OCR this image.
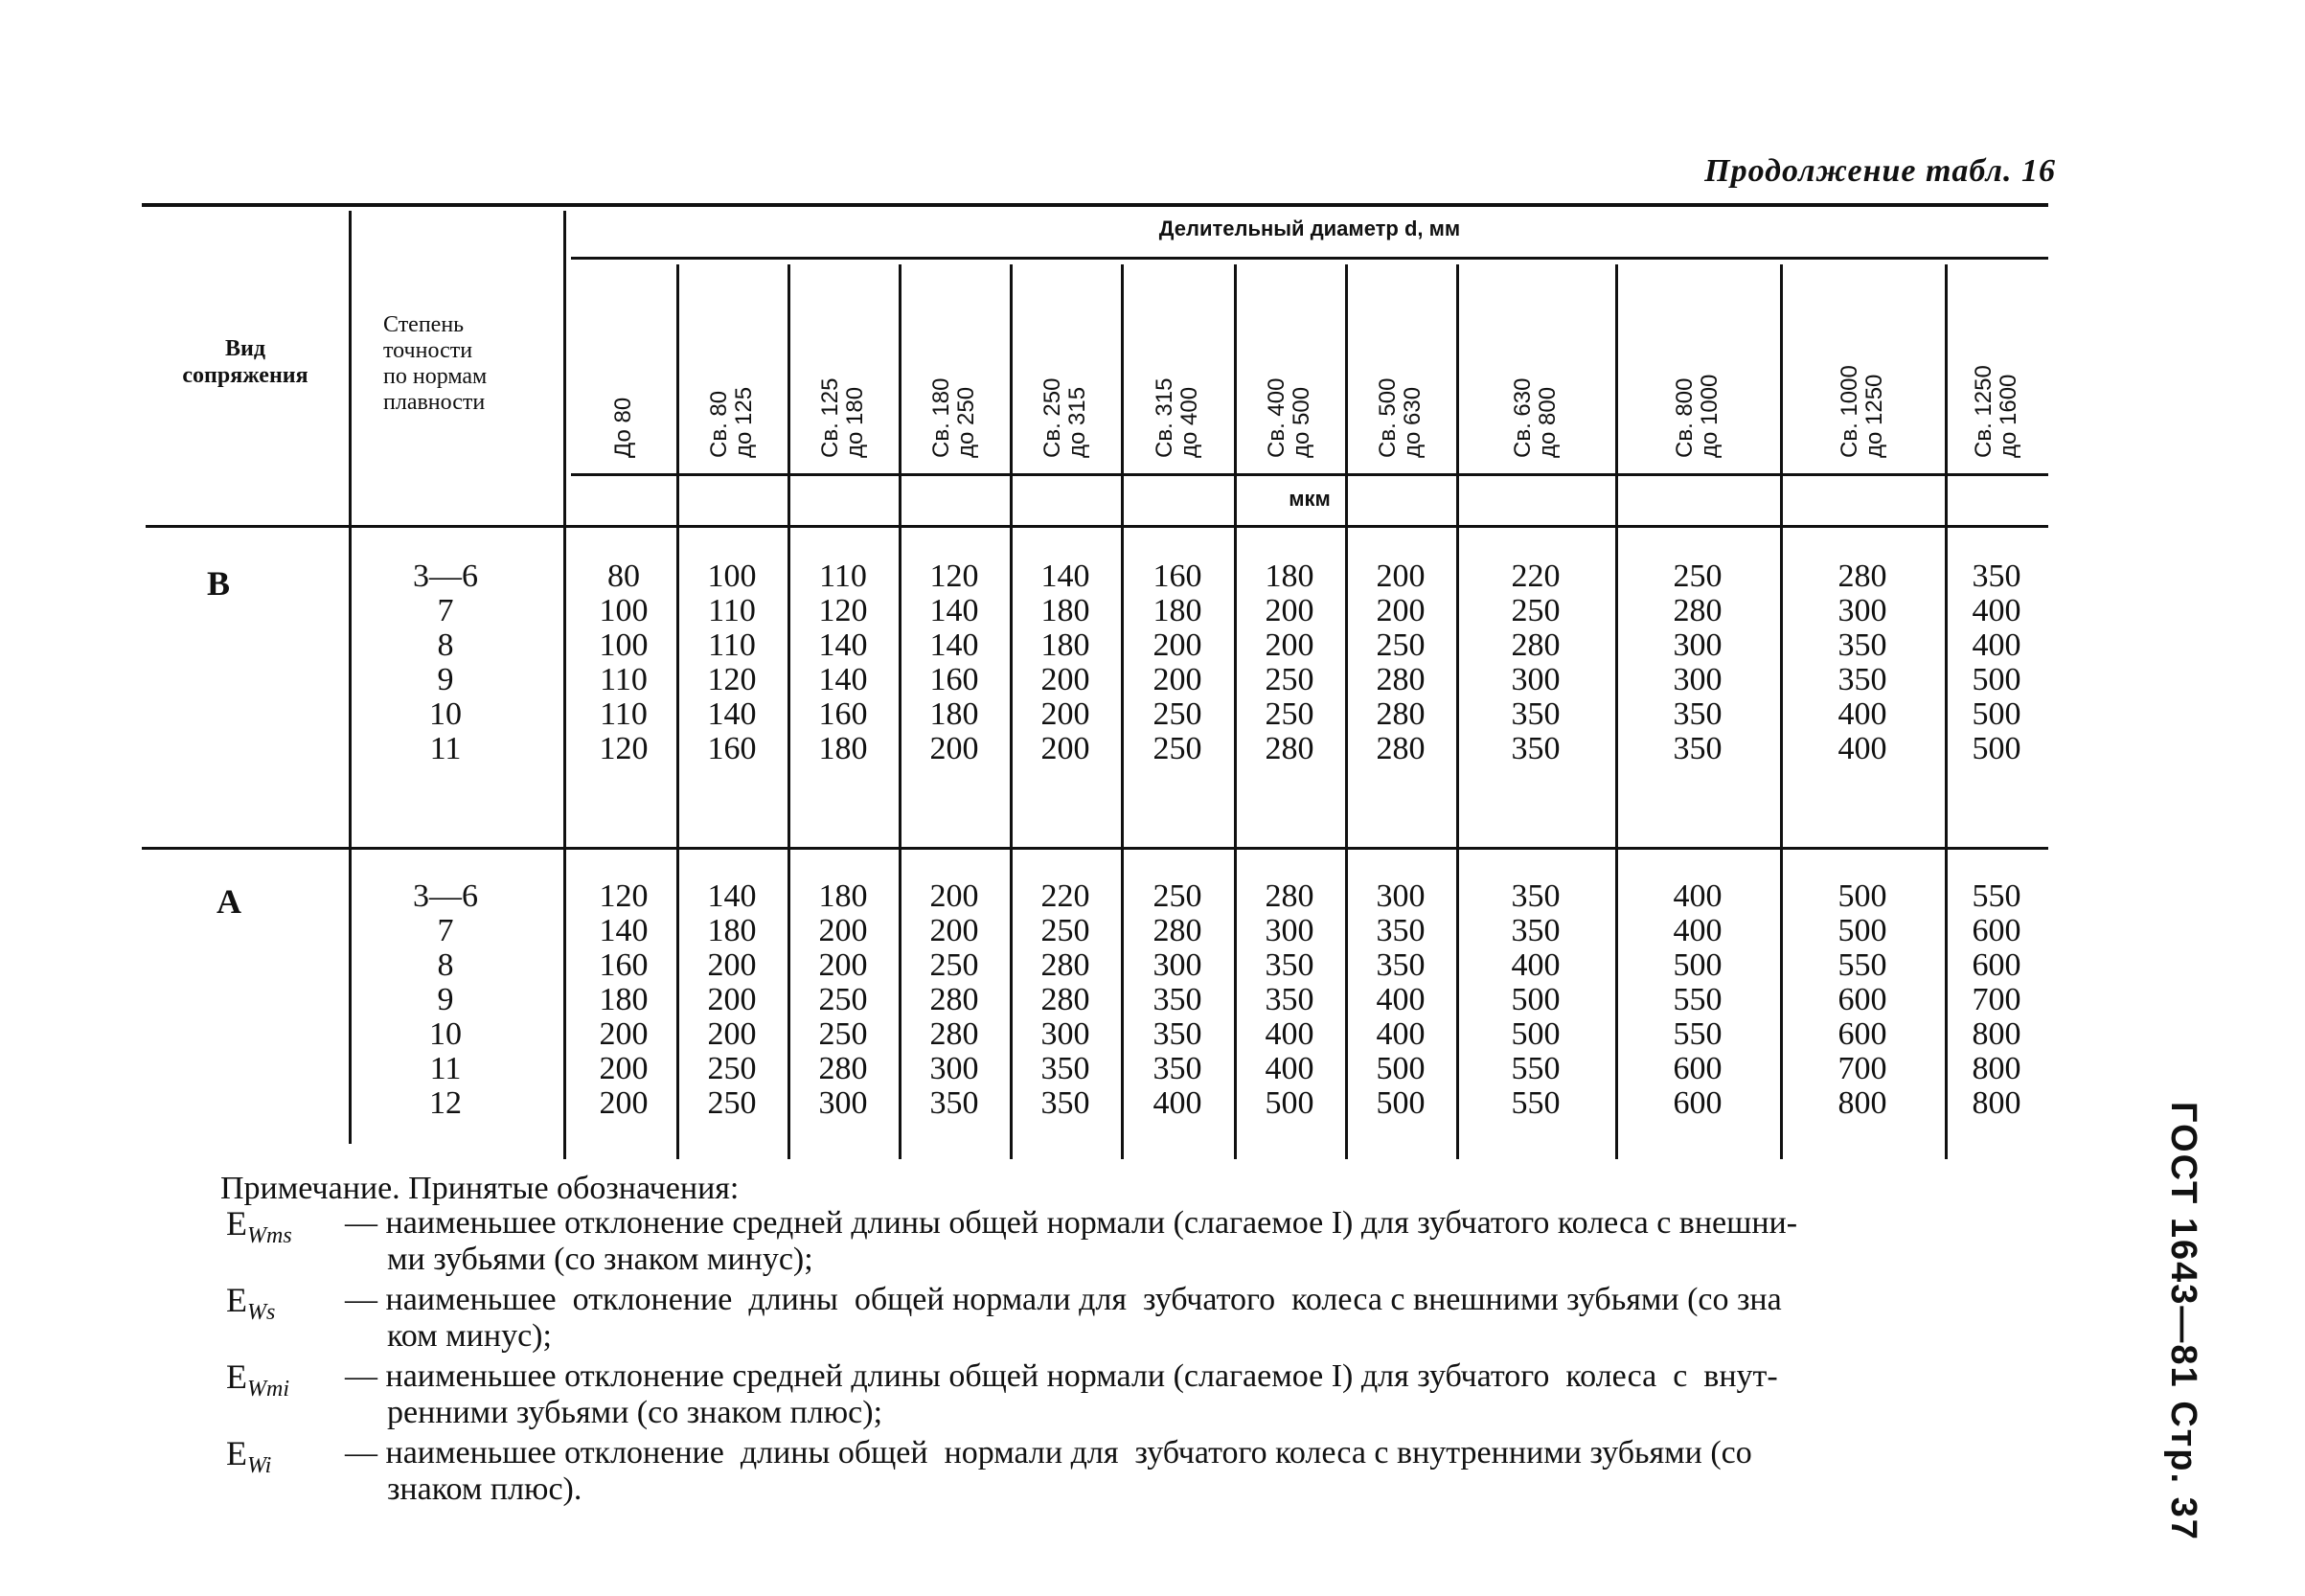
Продолжение табл. 16
Вид
сопряжения
Степень
точности
по нормам
плавности
Делительный диаметр d, мм
мкм
До 80	Св. 80
до 125
Св. 125
до 180
Св. 180
до 250
Св. 250
до 315
Св. 315
до 400
Св. 400
до 500
Св. 500
до 630
Св. 630
до 800
Св. 800
до 1000
Св. 1000
до 1250
Св. 1250
до 1600
В
А
3—6
7
8
9
10
11
80
100
100
110
110
120
100
110
110
120
140
160
110
120
140
140
160
180
120
140
140
160
180
200
140
180
180
200
200
200
160
180
200
200
250
250
180
200
200
250
250
280
200
200
250
280
280
280
220
250
280
300
350
350
250
280
300
300
350
350
280
300
350
350
400
400
350
400
400
500
500
500
3—6
7
8
9
10
11
12
120
140
160
180
200
200
200
140
180
200
200
200
250
250
180
200
200
250
250
280
300
200
200
250
280
280
300
350
220
250
280
280
300
350
350
250
280
300
350
350
350
400
280
300
350
350
400
400
500
300
350
350
400
400
500
500
350
350
400
500
500
550
550
400
400
500
550
550
600
600
500
500
550
600
600
700
800
550
600
600
700
800
800
800
Примечание. Принятые обозначения:
$E_{Wms}$ — наименьшее отклонение средней длины общей нормали (слагаемое I) для зубчатого колеса с внешни-
ми зубьями (со знаком минус);
$E_{Ws}$ — наименьшее  отклонение  длины  общей нормали для  зубчатого  колеса с внешними зубьями (со зна
ком минус);
$E_{Wmi}$ — наименьшее отклонение средней длины общей нормали (слагаемое I) для зубчатого  колеса  с  внут-
ренними зубьями (со знаком плюс);
$E_{Wi}$ — наименьшее отклонение  длины общей  нормали для  зубчатого колеса с внутренними зубьями (со
знаком плюс).	ГОСТ 1643—81 Стр. 37
